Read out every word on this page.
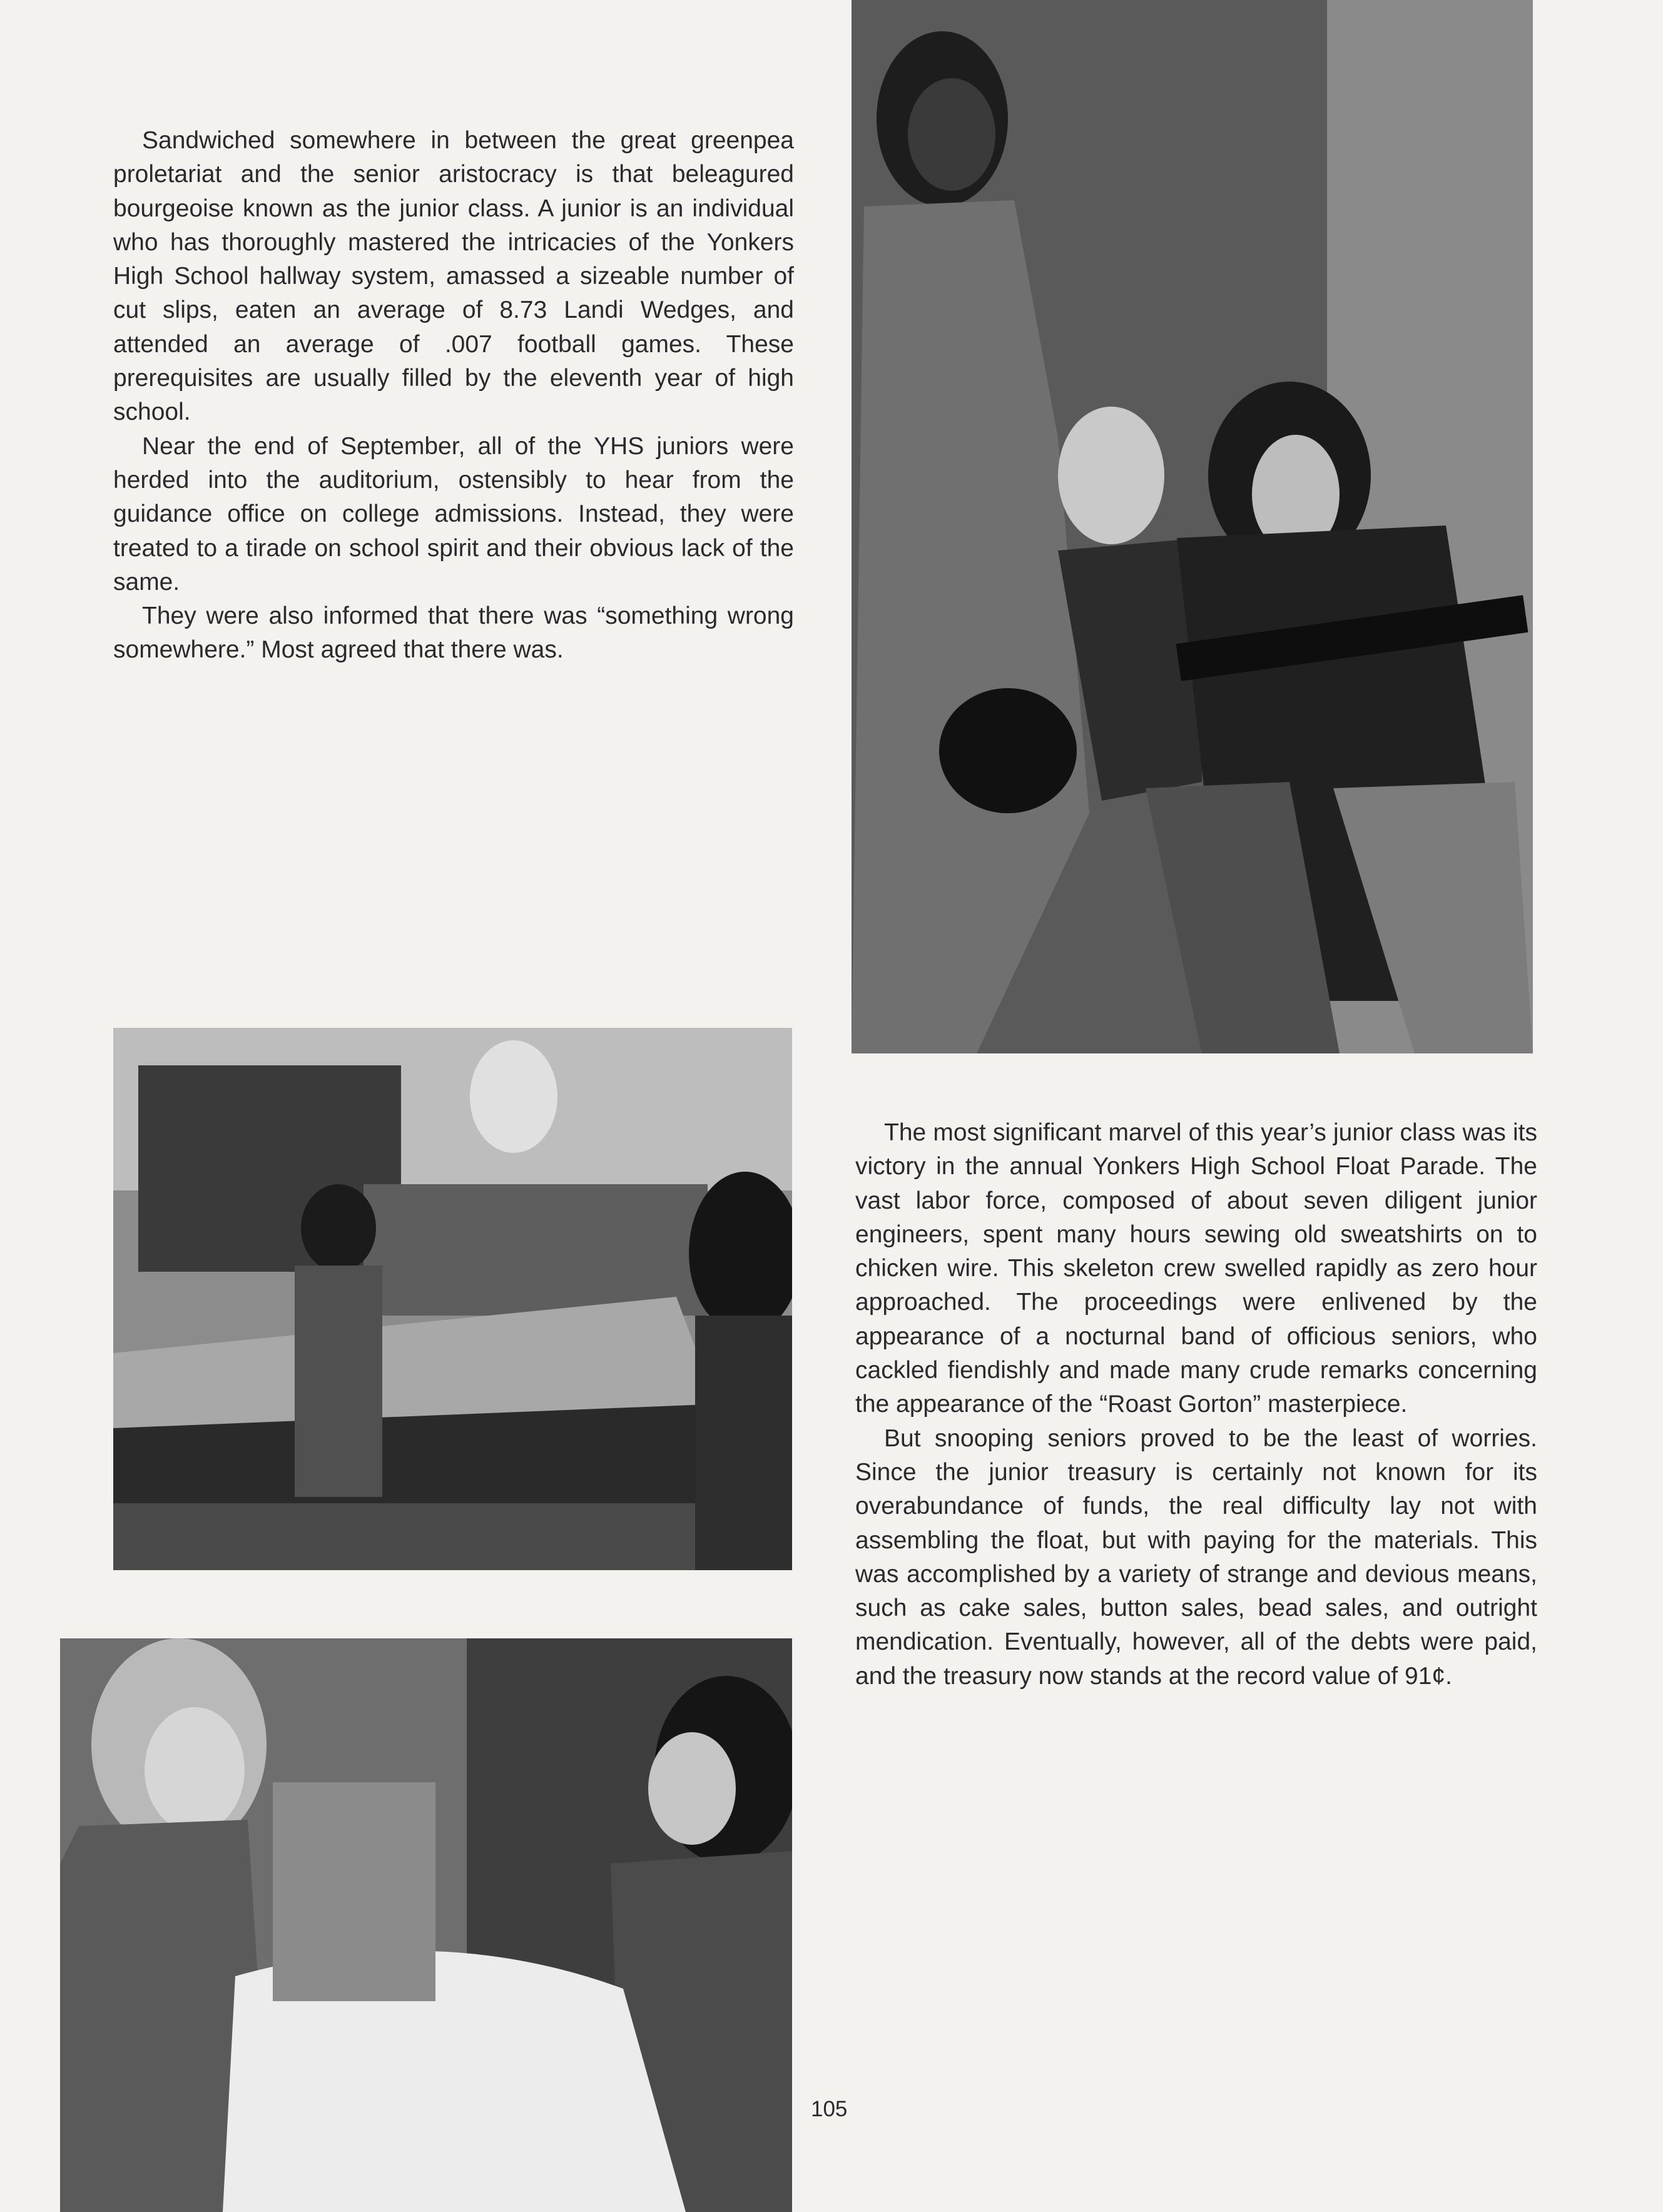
Sandwiched somewhere in between the great greenpea proletariat and the senior aristocracy is that beleagured bourgeoise known as the junior class. A junior is an individual who has thoroughly mastered the intricacies of the Yonkers High School hallway system, amassed a sizeable number of cut slips, eaten an average of 8.73 Landi Wedges, and attended an average of .007 football games. These prerequisites are usually filled by the eleventh year of high school.

Near the end of September, all of the YHS juniors were herded into the auditorium, ostensibly to hear from the guidance office on college admissions. Instead, they were treated to a tirade on school spirit and their obvious lack of the same.

They were also informed that there was “something wrong somewhere.” Most agreed that there was.

The most significant marvel of this year’s junior class was its victory in the annual Yonkers High School Float Parade. The vast labor force, composed of about seven diligent junior engineers, spent many hours sewing old sweatshirts on to chicken wire. This skeleton crew swelled rapidly as zero hour approached. The proceedings were enlivened by the appearance of a nocturnal band of officious seniors, who cackled fiendishly and made many crude remarks concerning the appearance of the “Roast Gorton” masterpiece.

But snooping seniors proved to be the least of worries. Since the junior treasury is certainly not known for its overabundance of funds, the real difficulty lay not with assembling the float, but with paying for the materials. This was accomplished by a variety of strange and devious means, such as cake sales, button sales, bead sales, and outright mendication. Eventually, however, all of the debts were paid, and the treasury now stands at the record value of 91¢.

105
